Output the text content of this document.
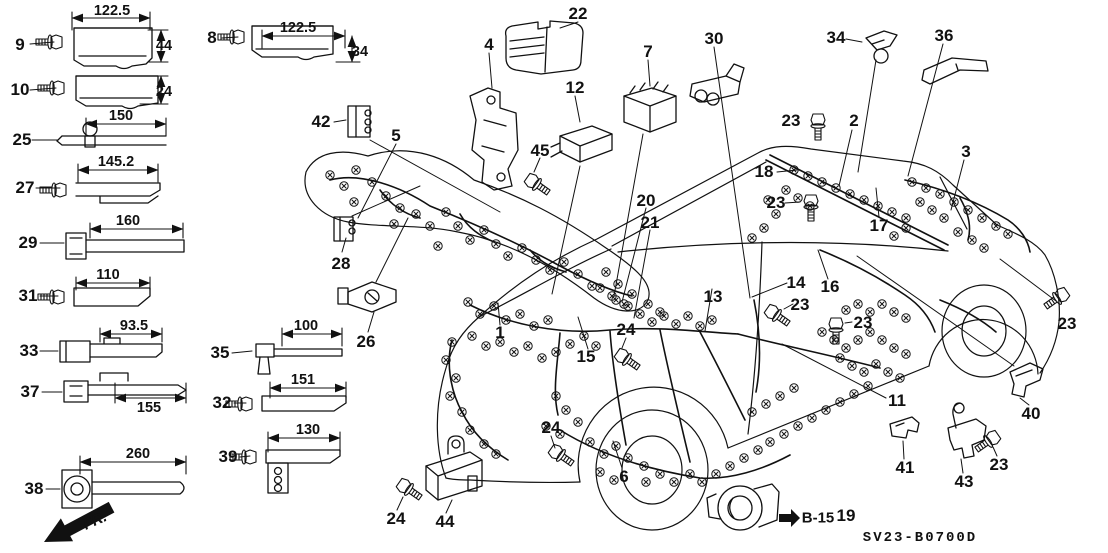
FR.	B-15
SV23-B0700D
9
10
25
27
29
31
33
37
38
8
35
32
39
42
5
28
26
22
4
45
12
7
20
21
30	34	36
23	2
3
18
23
17
14 16
13	23
23
24
15
23
1
24
24 44
6
11
40
41
43
23
19
122.5
44
24
150
145.2
160
110
93.5
155
260
122.5
34
100
151
130
